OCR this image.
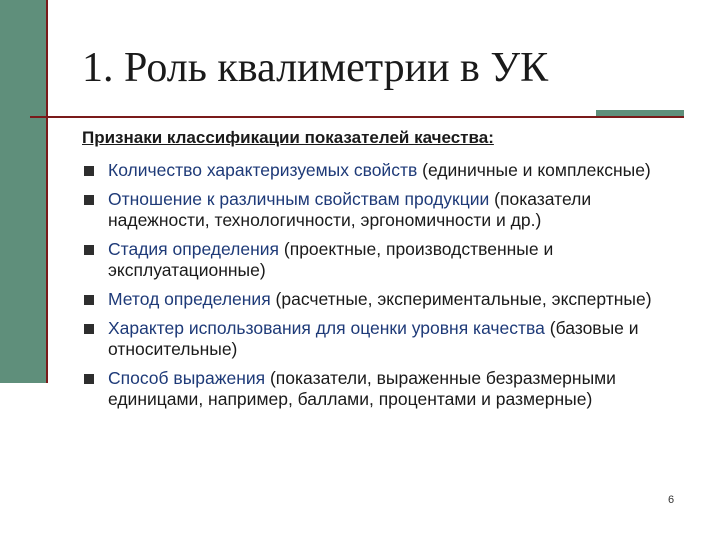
1. Роль квалиметрии в УК
Признаки классификации показателей качества:
Количество характеризуемых свойств (единичные и комплексные)
Отношение к различным свойствам продукции (показатели надежности, технологичности, эргономичности и др.)
Стадия определения (проектные, производственные и эксплуатационные)
Метод определения (расчетные, экспериментальные, экспертные)
Характер использования для оценки уровня качества (базовые и относительные)
Способ выражения (показатели, выраженные безразмерными единицами, например, баллами, процентами и размерные)
6
